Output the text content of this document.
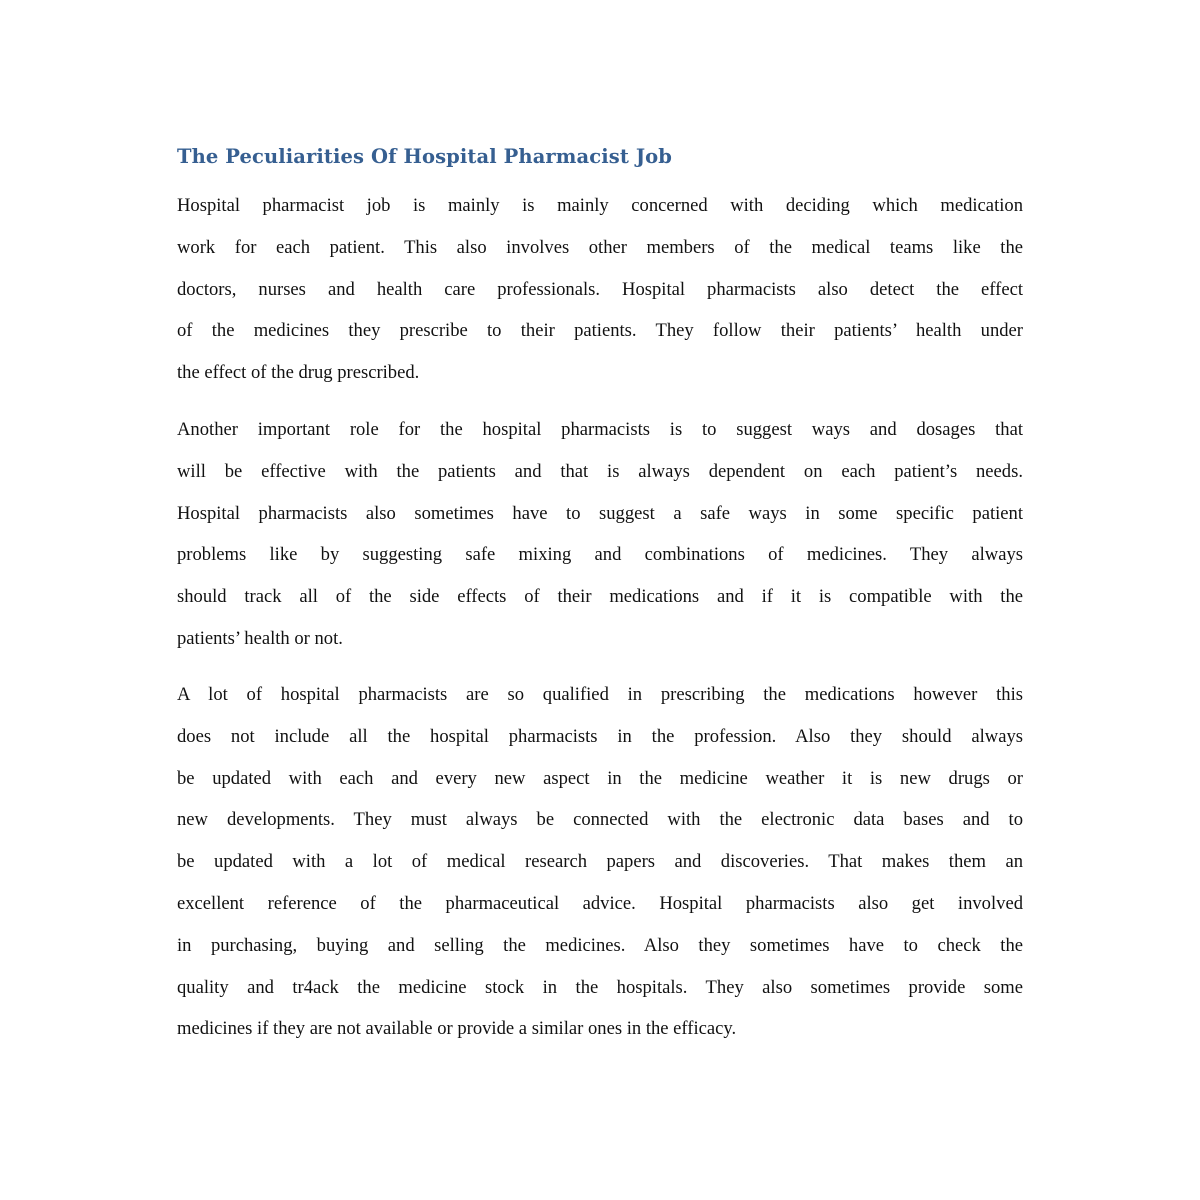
The Peculiarities Of Hospital Pharmacist Job
Hospital pharmacist job is mainly is mainly concerned with deciding which medication
work for each patient. This also involves other members of the medical teams like the
doctors, nurses and health care professionals. Hospital pharmacists also detect the effect
of the medicines they prescribe to their patients. They follow their patients’ health under
the effect of the drug prescribed.
Another important role for the hospital pharmacists is to suggest ways and dosages that
will be effective with the patients and that is always dependent on each patient’s needs.
Hospital pharmacists also sometimes have to suggest a safe ways in some specific patient
problems like by suggesting safe mixing and combinations of medicines. They always
should track all of the side effects of their medications and if it is compatible with the
patients’ health or not.
A lot of hospital pharmacists are so qualified in prescribing the medications however this
does not include all the hospital pharmacists in the profession. Also they should always
be updated with each and every new aspect in the medicine weather it is new drugs or
new developments. They must always be connected with the electronic data bases and to
be updated with a lot of medical research papers and discoveries. That makes them an
excellent reference of the pharmaceutical advice. Hospital pharmacists also get involved
in purchasing, buying and selling the medicines. Also they sometimes have to check the
quality and tr4ack the medicine stock in the hospitals. They also sometimes provide some
medicines if they are not available or provide a similar ones in the efficacy.
